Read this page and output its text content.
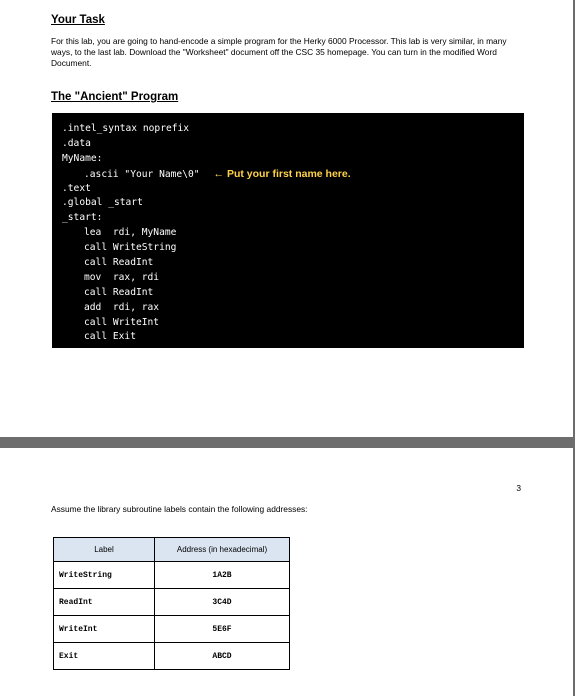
Your Task
For this lab, you are going to hand-encode a simple program for the Herky 6000 Processor. This lab is very similar, in many ways, to the last lab. Download the "Worksheet" document off the CSC 35 homepage. You can turn in the modified Word Document.
The "Ancient" Program
.intel_syntax noprefix
.data
MyName:
.ascii "Your Name\0" ← Put your first name here.
.text
.global _start
_start:
lea  rdi, MyName
call WriteString
call ReadInt
mov  rax, rdi
call ReadInt
add  rdi, rax
call WriteInt
call Exit
3
Assume the library subroutine labels contain the following addresses:
Label	Address (in hexadecimal)
WriteString	1A2B
ReadInt	3C4D
WriteInt	5E6F
Exit	ABCD
